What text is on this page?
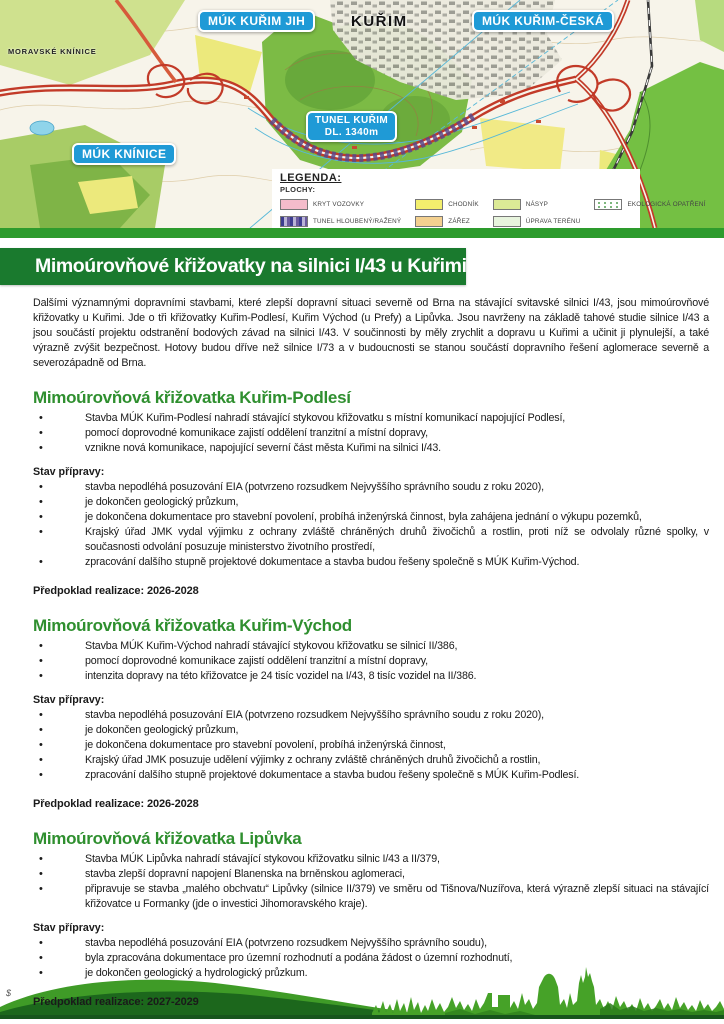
MÚK KUŘIM JIH	KUŘIM	MÚK KUŘIM-ČESKÁ
MÚK KNÍNICE
MORAVSKÉ KNÍNICE
TUNEL KUŘIM
DL. 1340m
LEGENDA:
PLOCHY:
KRYT VOZOVKY
TUNEL HLOUBENÝ/RAŽENÝ
CHODNÍK
ZÁŘEZ
NÁSYP
ÚPRAVA TERÉNU
EKOLOGICKÁ OPATŘENÍ
Mimoúrovňové křižovatky na silnici I/43 u Kuřimi

Dalšími významnými dopravními stavbami, které zlepší dopravní situaci severně od Brna na stávající svitavské silnici I/43, jsou mimoúrovňové křižovatky u Kuřimi. Jde o tři křižovatky Kuřim-Podlesí, Kuřim Východ (u Prefy) a Lipůvka. Jsou navrženy na základě tahové studie silnice I/43 a jsou součástí projektu odstranění bodových závad na silnici I/43. V součinnosti by měly zrychlit a dopravu u Kuřimi a učinit ji plynulejší, a také výrazně zvýšit bezpečnost. Hotovy budou dříve než silnice I/73 a v budoucnosti se stanou součástí dopravního řešení aglomerace severně a severozápadně od Brna.

Mimoúrovňová křižovatka Kuřim-Podlesí
• Stavba MÚK Kuřim-Podlesí nahradí stávající stykovou křižovatku s místní komunikací napojující Podlesí,
• pomocí doprovodné komunikace zajistí oddělení tranzitní a místní dopravy,
• vznikne nová komunikace, napojující severní část města Kuřimi na silnici I/43.

Stav přípravy:

• stavba nepodléhá posuzování EIA (potvrzeno rozsudkem Nejvyššího správního soudu z roku 2020),
• je dokončen geologický průzkum,
• je dokončena dokumentace pro stavební povolení, probíhá inženýrská činnost, byla zahájena jednání o výkupu pozemků,
• Krajský úřad JMK vydal výjimku z ochrany zvláště chráněných druhů živočichů a rostlin, proti níž se odvolaly různé spolky, v současnosti odvolání posuzuje ministerstvo životního prostředí,
• zpracování dalšího stupně projektové dokumentace a stavba budou řešeny společně s MÚK Kuřim-Východ.

Předpoklad realizace: 2026-2028

Mimoúrovňová křižovatka Kuřim-Východ
• Stavba MÚK Kuřim-Východ nahradí stávající stykovou křižovatku se silnicí II/386,
• pomocí doprovodné komunikace zajistí oddělení tranzitní a místní dopravy,
• intenzita dopravy na této křižovatce je 24 tisíc vozidel na I/43, 8 tisíc vozidel na II/386.

Stav přípravy:

• stavba nepodléhá posuzování EIA (potvrzeno rozsudkem Nejvyššího správního soudu z roku 2020),
• je dokončen geologický průzkum,
• je dokončena dokumentace pro stavební povolení, probíhá inženýrská činnost,
• Krajský úřad JMK posuzuje udělení výjimky z ochrany zvláště chráněných druhů živočichů a rostlin,
• zpracování dalšího stupně projektové dokumentace a stavba budou řešeny společně s MÚK Kuřim-Podlesí.

Předpoklad realizace: 2026-2028

Mimoúrovňová křižovatka Lipůvka
• Stavba MÚK Lipůvka nahradí stávající stykovou křižovatku silnic I/43 a II/379,
• stavba zlepší dopravní napojení Blanenska na brněnskou aglomeraci,
• připravuje se stavba „malého obchvatu“ Lipůvky (silnice II/379) ve směru od Tišnova/Nuzířova, která výrazně zlepší situaci na stávající křižovatce u Formanky (jde o investici Jihomoravského kraje).

Stav přípravy:

• stavba nepodléhá posuzování EIA (potvrzeno rozsudkem Nejvyššího správního soudu),
• byla zpracována dokumentace pro územní rozhodnutí a podána žádost o územní rozhodnutí,
• je dokončen geologický a hydrologický průzkum.

Předpoklad realizace: 2027-2029

$
